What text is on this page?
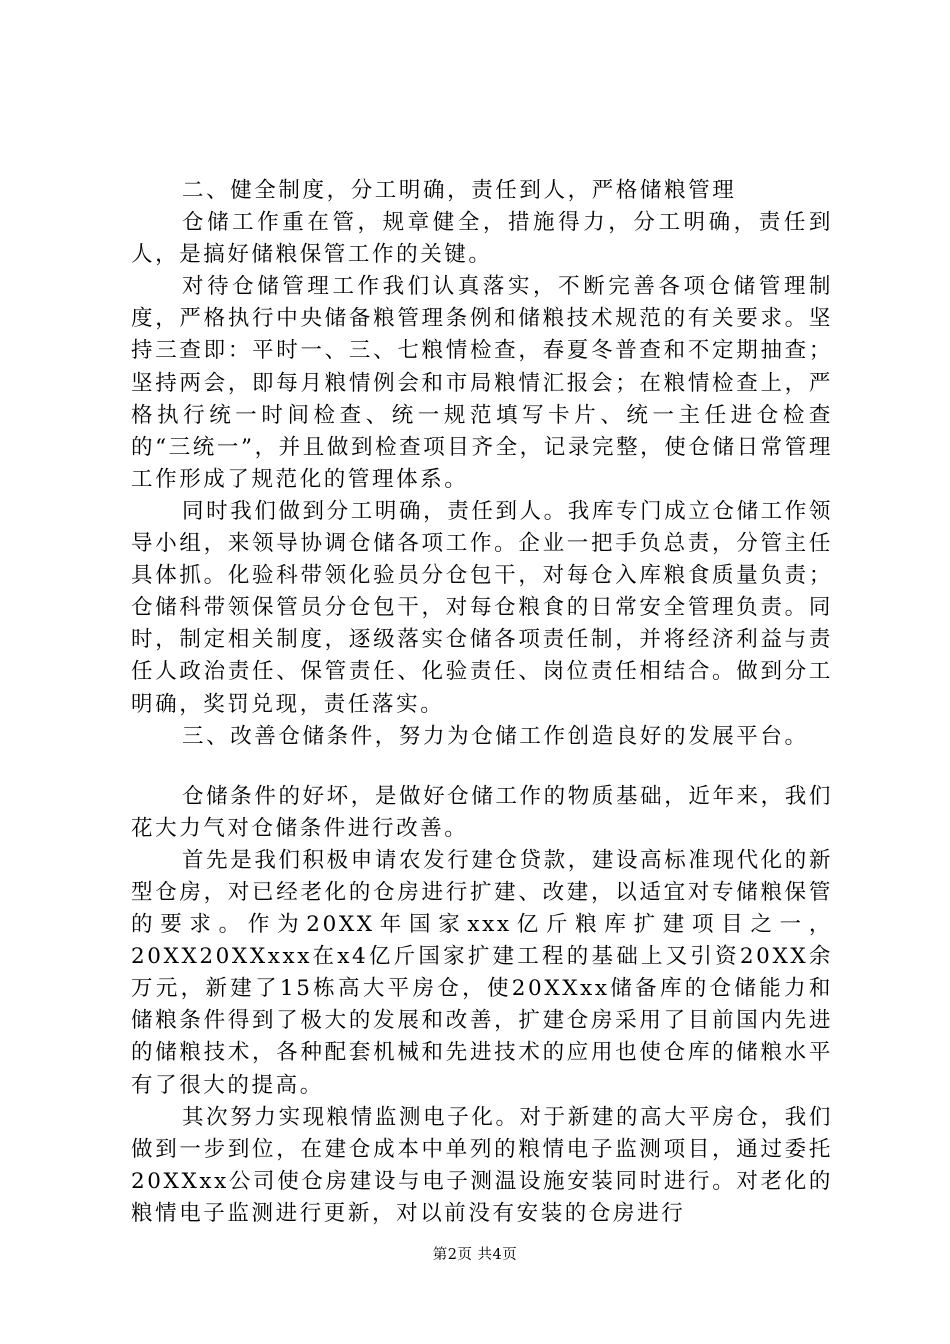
二、健全制度，分工明确，责任到人，严格储粮管理

仓储工作重在管，规章健全，措施得力，分工明确，责任到人，是搞好储粮保管工作的关键。

对待仓储管理工作我们认真落实，不断完善各项仓储管理制度，严格执行中央储备粮管理条例和储粮技术规范的有关要求。坚持三查即：平时一、三、七粮情检查，春夏冬普查和不定期抽查；坚持两会，即每月粮情例会和市局粮情汇报会；在粮情检查上，严格执行统一时间检查、统一规范填写卡片、统一主任进仓检查的“三统一”，并且做到检查项目齐全，记录完整，使仓储日常管理工作形成了规范化的管理体系。

同时我们做到分工明确，责任到人。我库专门成立仓储工作领导小组，来领导协调仓储各项工作。企业一把手负总责，分管主任具体抓。化验科带领化验员分仓包干，对每仓入库粮食质量负责；仓储科带领保管员分仓包干，对每仓粮食的日常安全管理负责。同时，制定相关制度，逐级落实仓储各项责任制，并将经济利益与责任人政治责任、保管责任、化验责任、岗位责任相结合。做到分工明确，奖罚兑现，责任落实。

三、改善仓储条件，努力为仓储工作创造良好的发展平台。

仓储条件的好坏，是做好仓储工作的物质基础，近年来，我们花大力气对仓储条件进行改善。

首先是我们积极申请农发行建仓贷款，建设高标准现代化的新型仓房，对已经老化的仓房进行扩建、改建，以适宜对专储粮保管的要求。作为20XX年国家xxx亿斤粮库扩建项目之一，20XX20XXxxx在x4亿斤国家扩建工程的基础上又引资20XX余万元，新建了15栋高大平房仓，使20XXxx储备库的仓储能力和储粮条件得到了极大的发展和改善，扩建仓房采用了目前国内先进的储粮技术，各种配套机械和先进技术的应用也使仓库的储粮水平有了很大的提高。

其次努力实现粮情监测电子化。对于新建的高大平房仓，我们做到一步到位，在建仓成本中单列的粮情电子监测项目，通过委托20XXxx公司使仓房建设与电子测温设施安装同时进行。对老化的粮情电子监测进行更新，对以前没有安装的仓房进行

第2页 共4页
